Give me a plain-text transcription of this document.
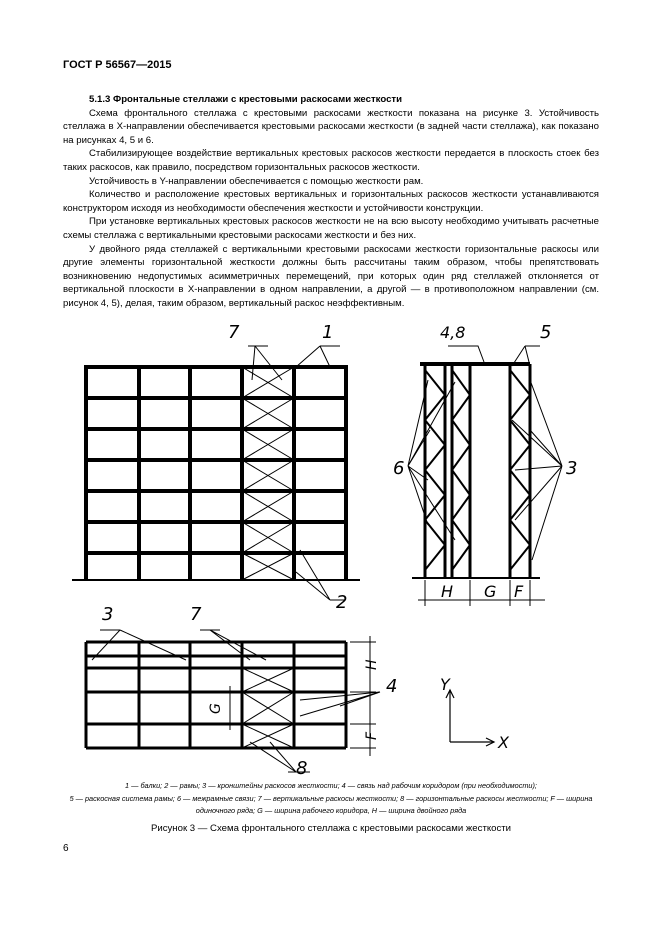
ГОСТ Р 56567—2015
5.1.3 Фронтальные стеллажи с крестовыми раскосами жесткости

Схема фронтального стеллажа с крестовыми раскосами жесткости показана на рисунке 3. Устойчивость стеллажа в X-направлении обеспечивается крестовыми раскосами жесткости (в задней части стеллажа), как показано на рисунках 4, 5 и 6.

Стабилизирующее воздействие вертикальных крестовых раскосов жесткости передается в плоскость стоек без таких раскосов, как правило, посредством горизонтальных раскосов жесткости.

Устойчивость в Y-направлении обеспечивается с помощью жесткости рам.

Количество и расположение крестовых вертикальных и горизонтальных раскосов жесткости устанавливаются конструктором исходя из необходимости обеспечения жесткости и устойчивости конструкции.

При установке вертикальных крестовых раскосов жесткости не на всю высоту необходимо учитывать расчетные схемы стеллажа с вертикальными крестовыми раскосами жесткости и без них.

У двойного ряда стеллажей с вертикальными крестовыми раскосами жесткости горизонтальные раскосы или другие элементы горизонтальной жесткости должны быть рассчитаны таким образом, чтобы препятствовать возникновению недопустимых асимметричных перемещений, при которых один ряд стеллажей отклоняется от вертикальной плоскости в X-направлении в одном направлении, а другой — в противоположном направлении (см. рисунок 4, 5), делая, таким образом, вертикальный раскос неэффективным.

7	1
2
4,8	5
6	3
H G F
3	7
4
8
H
G
F
Y
X
1 — балки; 2 — рамы; 3 — кронштейны раскосов жесткости; 4 — связь над рабочим коридором (при необходимости);
5 — раскосная система рамы; 6 — межрамные связи; 7 — вертикальные раскосы жесткости; 8 — горизонтальные раскосы жесткости; F — ширина одиночного ряда; G — ширина рабочего коридора, H — ширина двойного ряда
Рисунок 3 — Схема фронтального стеллажа с крестовыми раскосами жесткости
6
